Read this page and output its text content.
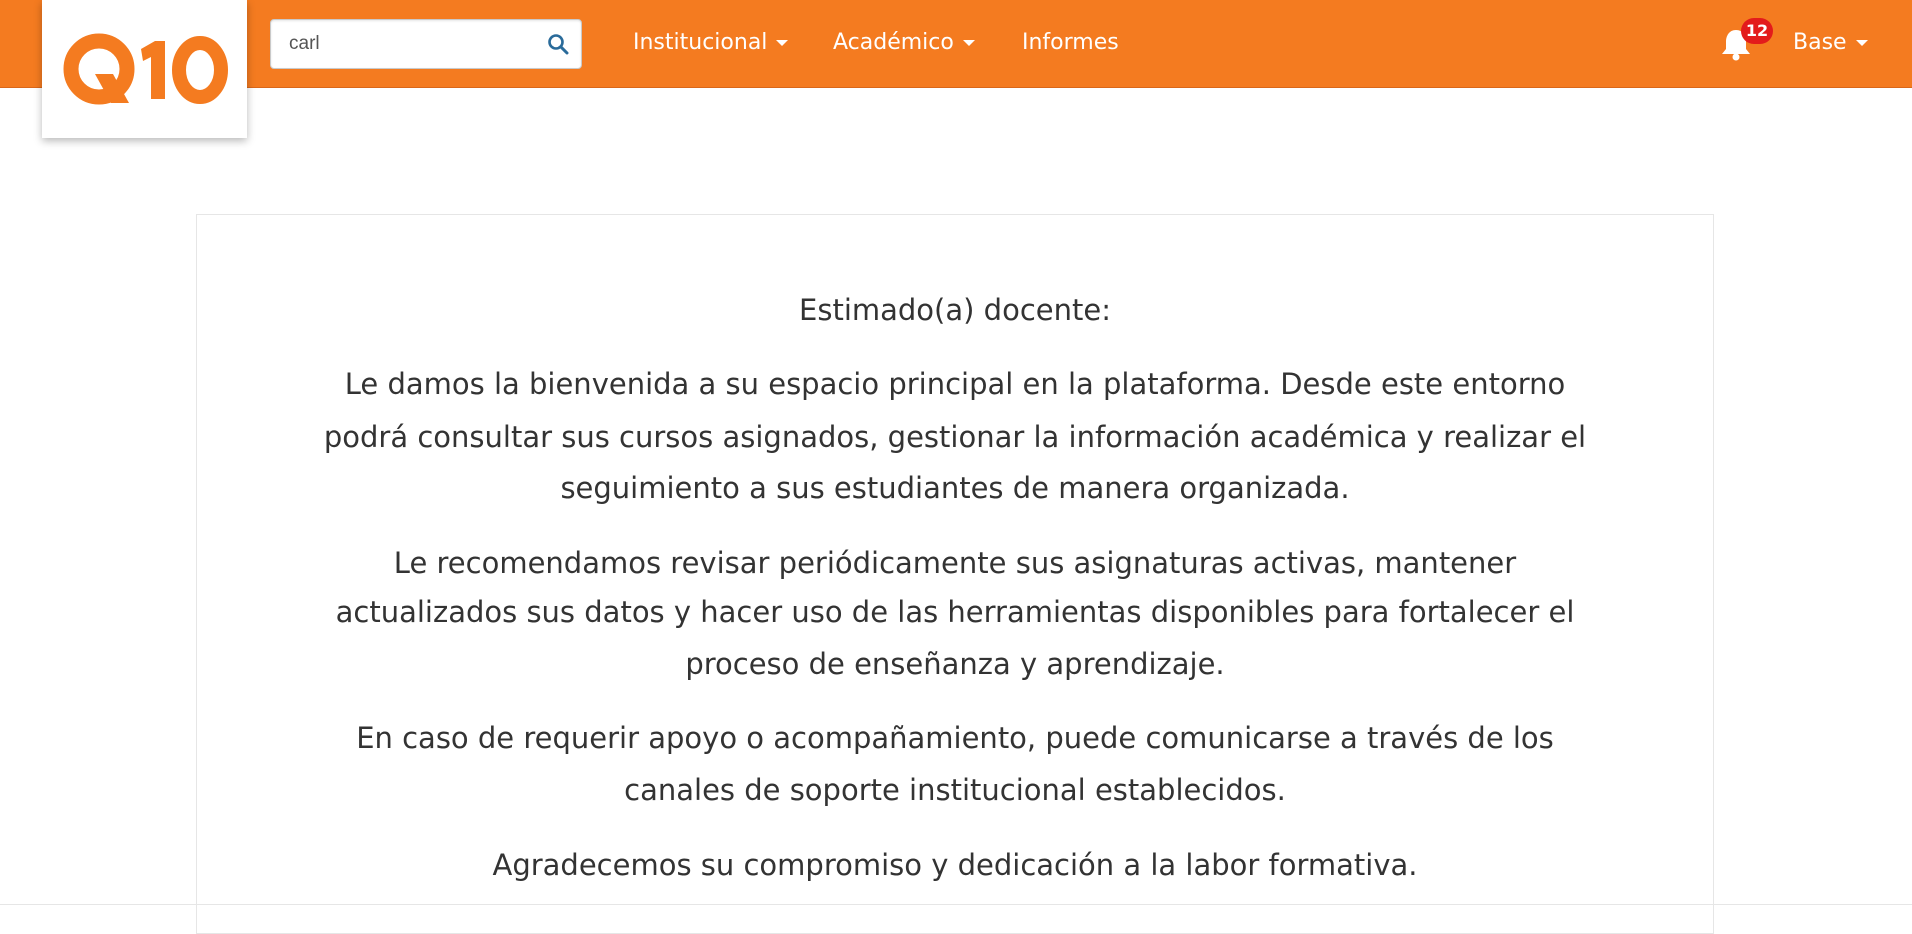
carl
Institucional	Académico	Informes	12 Base

Estimado(a) docente:

Le damos la bienvenida a su espacio principal en la plataforma. Desde este entorno

podrá consultar sus cursos asignados, gestionar la información académica y realizar el

seguimiento a sus estudiantes de manera organizada.

Le recomendamos revisar periódicamente sus asignaturas activas, mantener

actualizados sus datos y hacer uso de las herramientas disponibles para fortalecer el

proceso de enseñanza y aprendizaje.

En caso de requerir apoyo o acompañamiento, puede comunicarse a través de los

canales de soporte institucional establecidos.

Agradecemos su compromiso y dedicación a la labor formativa.
